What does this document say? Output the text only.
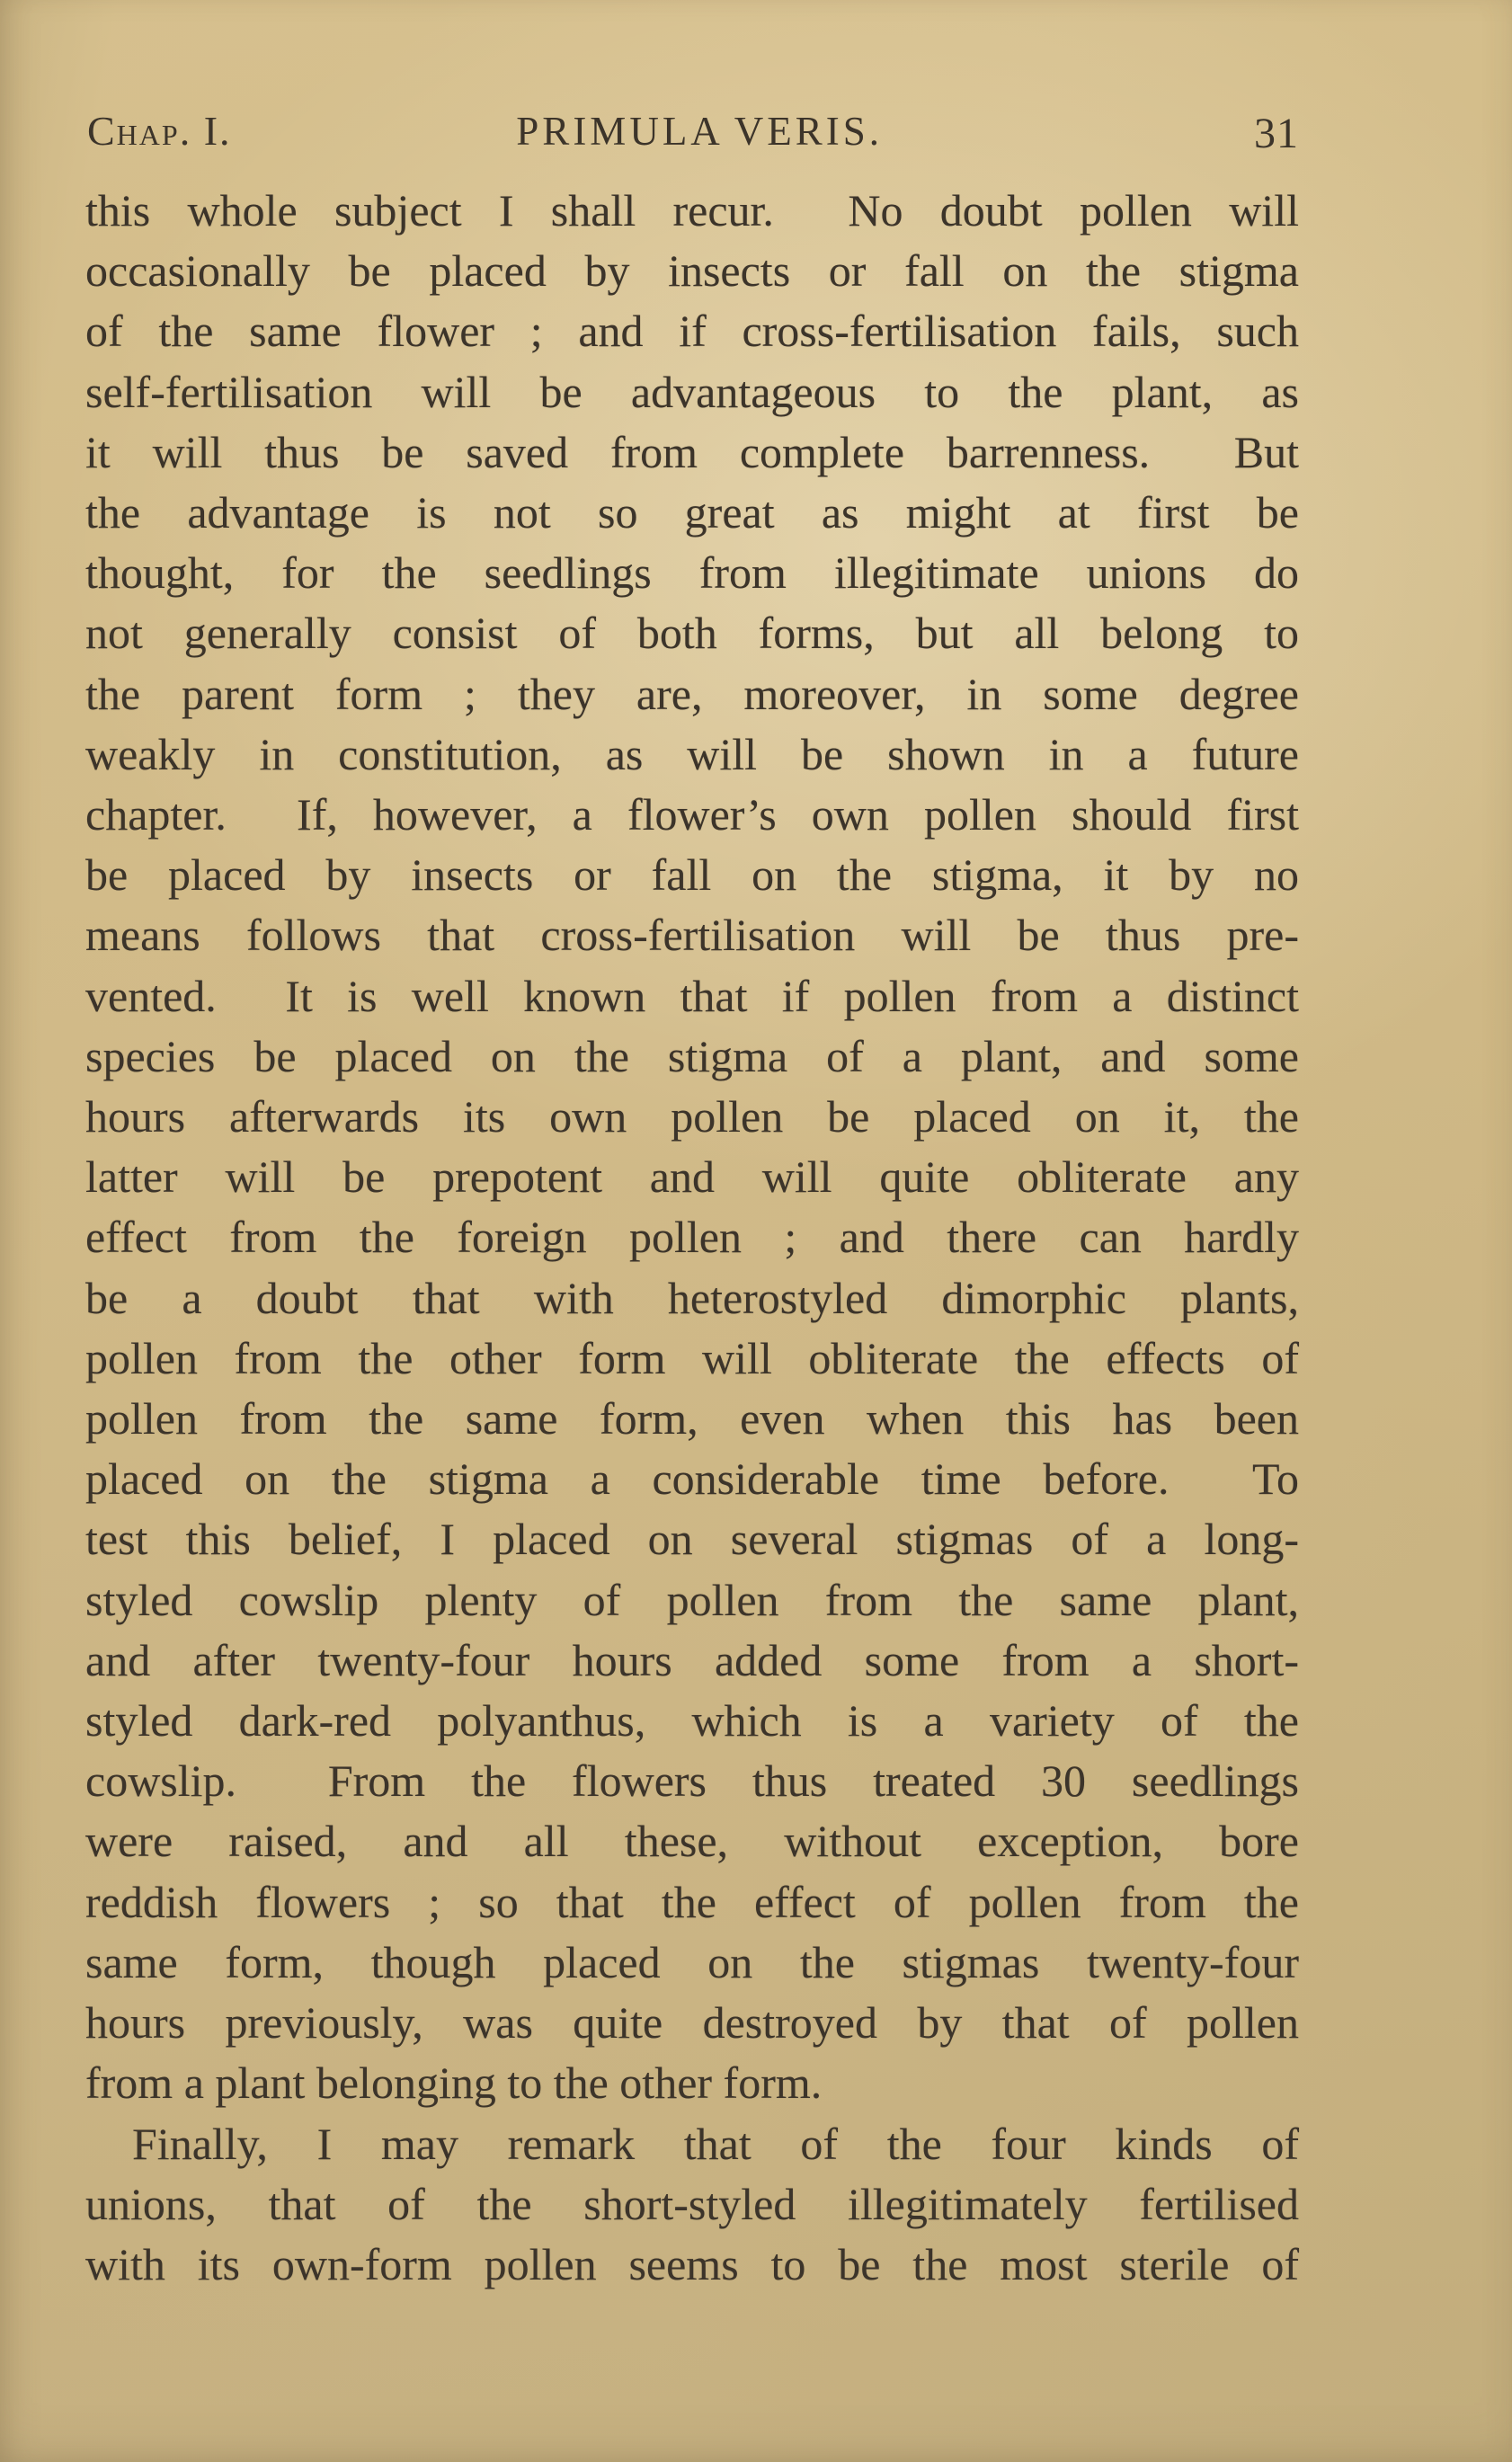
Chap. I.	PRIMULA VERIS.	31
this whole subject I shall recur.  No doubt pollen will
occasionally be placed by insects or fall on the stigma
of the same flower ; and if cross-fertilisation fails, such
self-fertilisation will be advantageous to the plant, as
it will thus be saved from complete barrenness.  But
the advantage is not so great as might at first be
thought, for the seedlings from illegitimate unions do
not generally consist of both forms, but all belong to
the parent form ; they are, moreover, in some degree
weakly in constitution, as will be shown in a future
chapter.  If, however, a flower’s own pollen should first
be placed by insects or fall on the stigma, it by no
means follows that cross-fertilisation will be thus pre-
vented.  It is well known that if pollen from a distinct
species be placed on the stigma of a plant, and some
hours afterwards its own pollen be placed on it, the
latter will be prepotent and will quite obliterate any
effect from the foreign pollen ; and there can hardly
be a doubt that with heterostyled dimorphic plants,
pollen from the other form will obliterate the effects of
pollen from the same form, even when this has been
placed on the stigma a considerable time before.  To
test this belief, I placed on several stigmas of a long-
styled cowslip plenty of pollen from the same plant,
and after twenty-four hours added some from a short-
styled dark-red polyanthus, which is a variety of the
cowslip.  From the flowers thus treated 30 seedlings
were raised, and all these, without exception, bore
reddish flowers ; so that the effect of pollen from the
same form, though placed on the stigmas twenty-four
hours previously, was quite destroyed by that of pollen
from a plant belonging to the other form.
Finally, I may remark that of the four kinds of
unions, that of the short-styled illegitimately fertilised
with its own-form pollen seems to be the most sterile of
